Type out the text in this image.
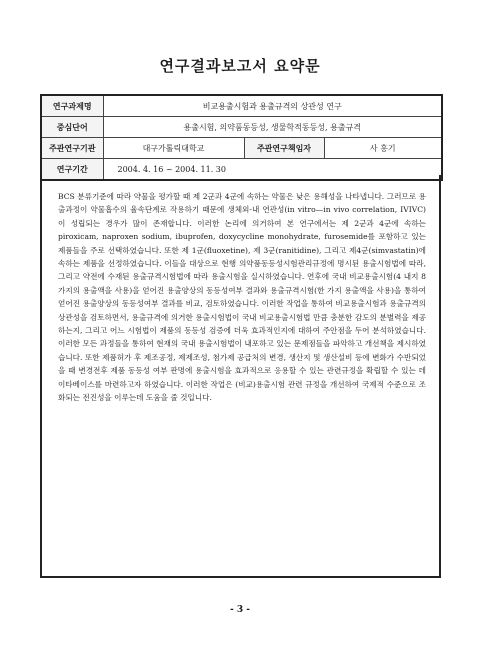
연구결과보고서 요약문
연구과제명	비교용출시험과 용출규격의 상관성 연구		
중심단어	용출시험, 의약품동등성, 생물학적동등성, 용출규격		
주관연구기관	대구가톨릭대학교	주관연구책임자	사 홍기
연구기간	2004. 4. 16 ~ 2004. 11. 30		

BCS 분류기준에 따라 약물을 평가할 때 제 2군과 4군에 속하는 약물은 낮은 용해성을 나타냅니다. 그러므로 용출과정이 약물흡수의 율속단계로 작용하기 때문에 생체외-내 연관성(in vitro—in vivo correlation, IVIVC)이 성립되는 경우가 많이 존재합니다. 이러한 논리에 의거하여 본 연구에서는 제 2군과 4군에 속하는 piroxicam, naproxen sodium, ibuprofen, doxycycline monohydrate, furosemide를 포함하고 있는 제품들을 주로 선택하였습니다. 또한 제 1군(fluoxetine), 제 3군(ranitidine), 그리고 제4군(simvastatin)에 속하는 제품을 선정하였습니다. 이들을 대상으로 현행 의약품동등성시험관리규정에 명시된 용출시험법에 따라, 그리고 약전에 수재된 용출규격시험법에 따라 용출시험을 실시하였습니다. 연후에 국내 비교용출시험(4 내지 8 가지의 용출액을 사용)을 얻어진 용출양상의 동등성여부 결과와 용출규격시험(한 가지 용출액을 사용)을 통하여 얻어진 용출양상의 동등성여부 결과를 비교, 검토하였습니다. 이러한 작업을 통하여 비교용출시험과 용출규격의 상관성을 검토하면서, 용출규격에 의거한 용출시험법이 국내 비교용출시험법 만큼 충분한 감도의 분별력을 제공하는지, 그리고 어느 시험법이 제품의 동등성 검증에 더욱 효과적인지에 대하여 주안점을 두어 분석하였습니다. 이러한 모든 과정들을 통하여 현재의 국내 용출시험법이 내포하고 있는 문제점들을 파악하고 개선책을 제시하였습니다. 또한 제품허가 후 제조공정, 제제조성, 첨가제 공급처의 변경, 생산지 및 생산설비 등에 변화가 수반되었을 때 변경전후 제품 동등성 여부 판명에 용출시험을 효과적으로 응용할 수 있는 관련규정을 확립할 수 있는 데이타베이스를 마련하고자 하였습니다. 이러한 작업은 (비교)용출시험 관련 규정을 개선하여 국제적 수준으로 조화되는 전진성을 이루는데 도움을 줄 것입니다.

- 3 -
